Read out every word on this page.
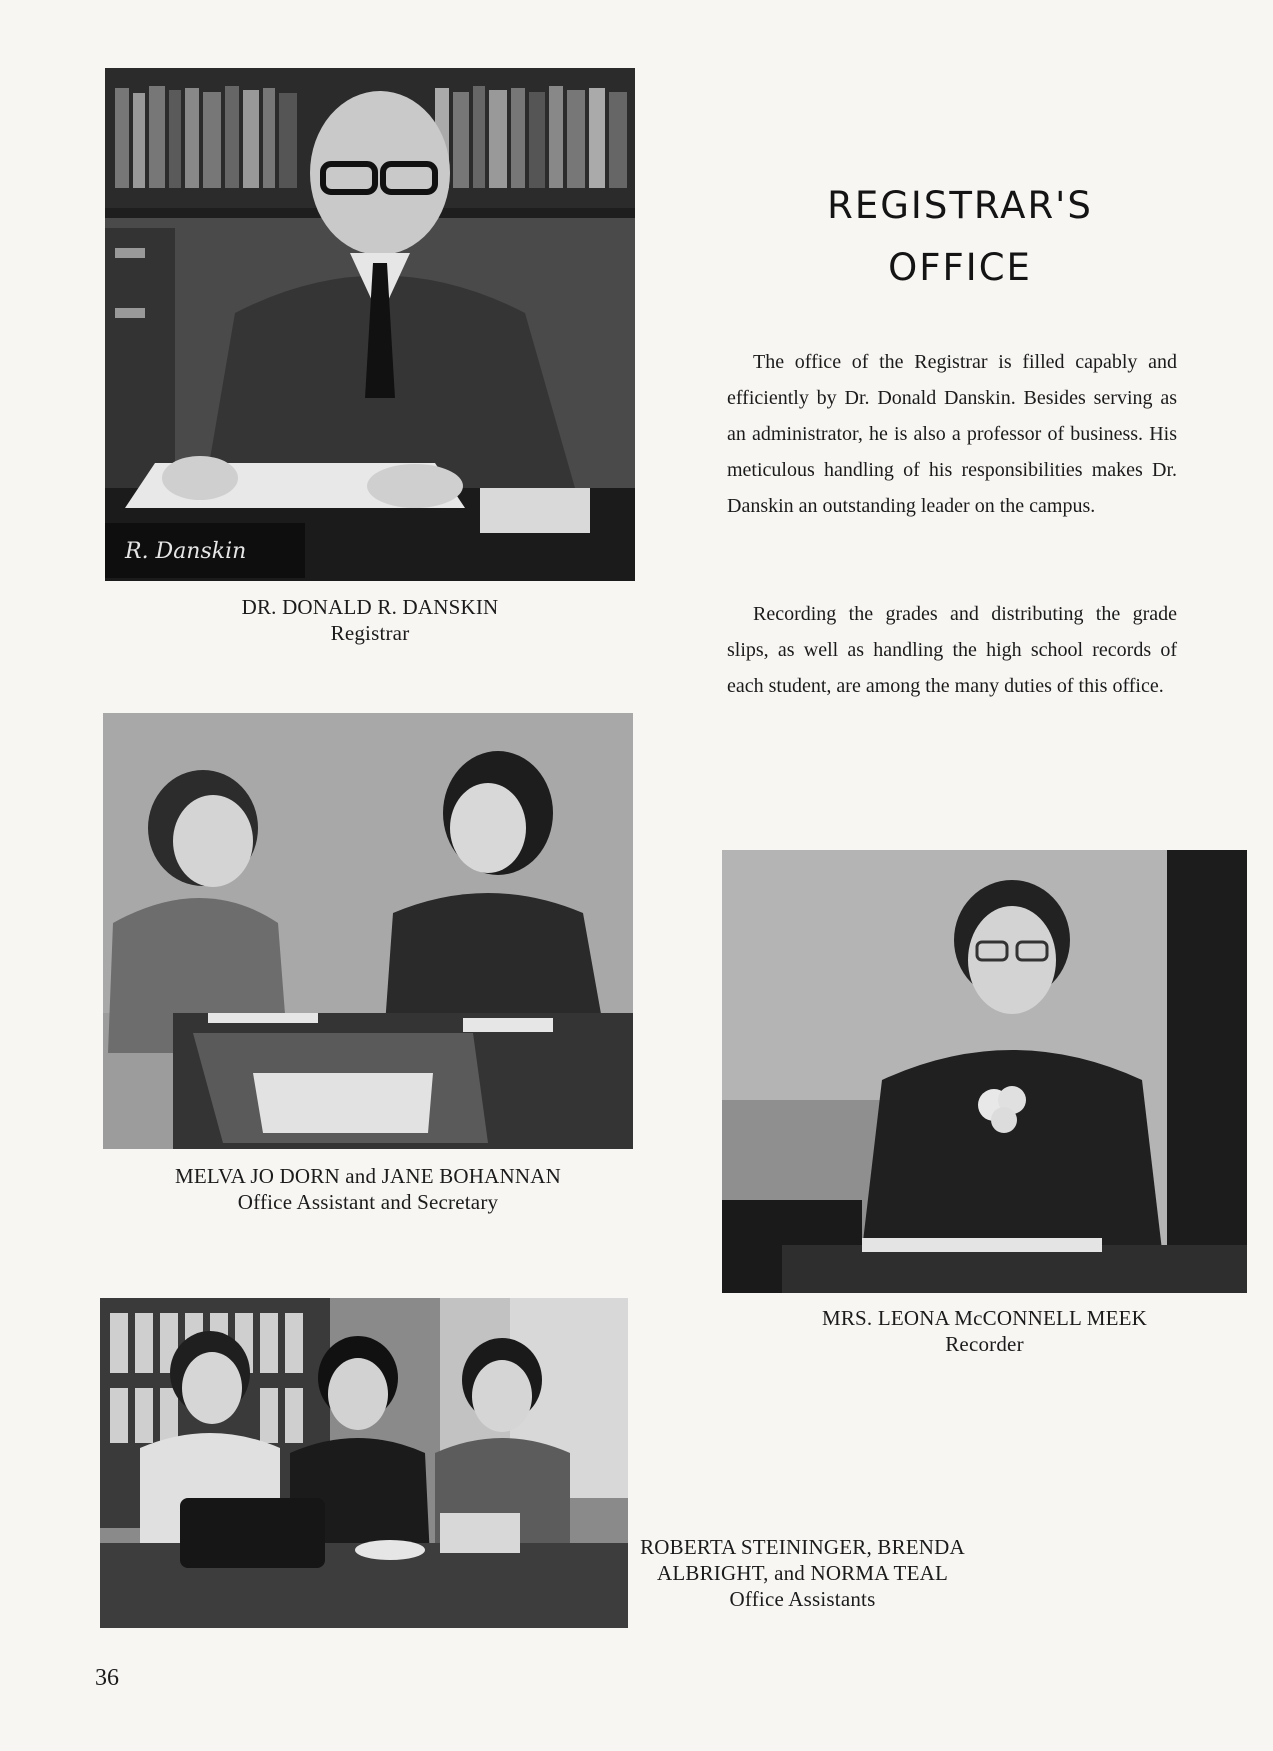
R. Danskin
DR. DONALD R. DANSKIN
Registrar
REGISTRAR'S
OFFICE

The office of the Registrar is filled capably and efficiently by Dr. Donald Danskin. Besides serving as an administrator, he is also a professor of business. His meticulous handling of his responsibilities makes Dr. Danskin an outstanding leader on the campus.

Recording the grades and distributing the grade slips, as well as handling the high school records of each student, are among the many duties of this office.

MELVA JO DORN and JANE BOHANNAN
Office Assistant and Secretary
MRS. LEONA McCONNELL MEEK
Recorder
ROBERTA STEININGER, BRENDA
ALBRIGHT, and NORMA TEAL
Office Assistants
36
